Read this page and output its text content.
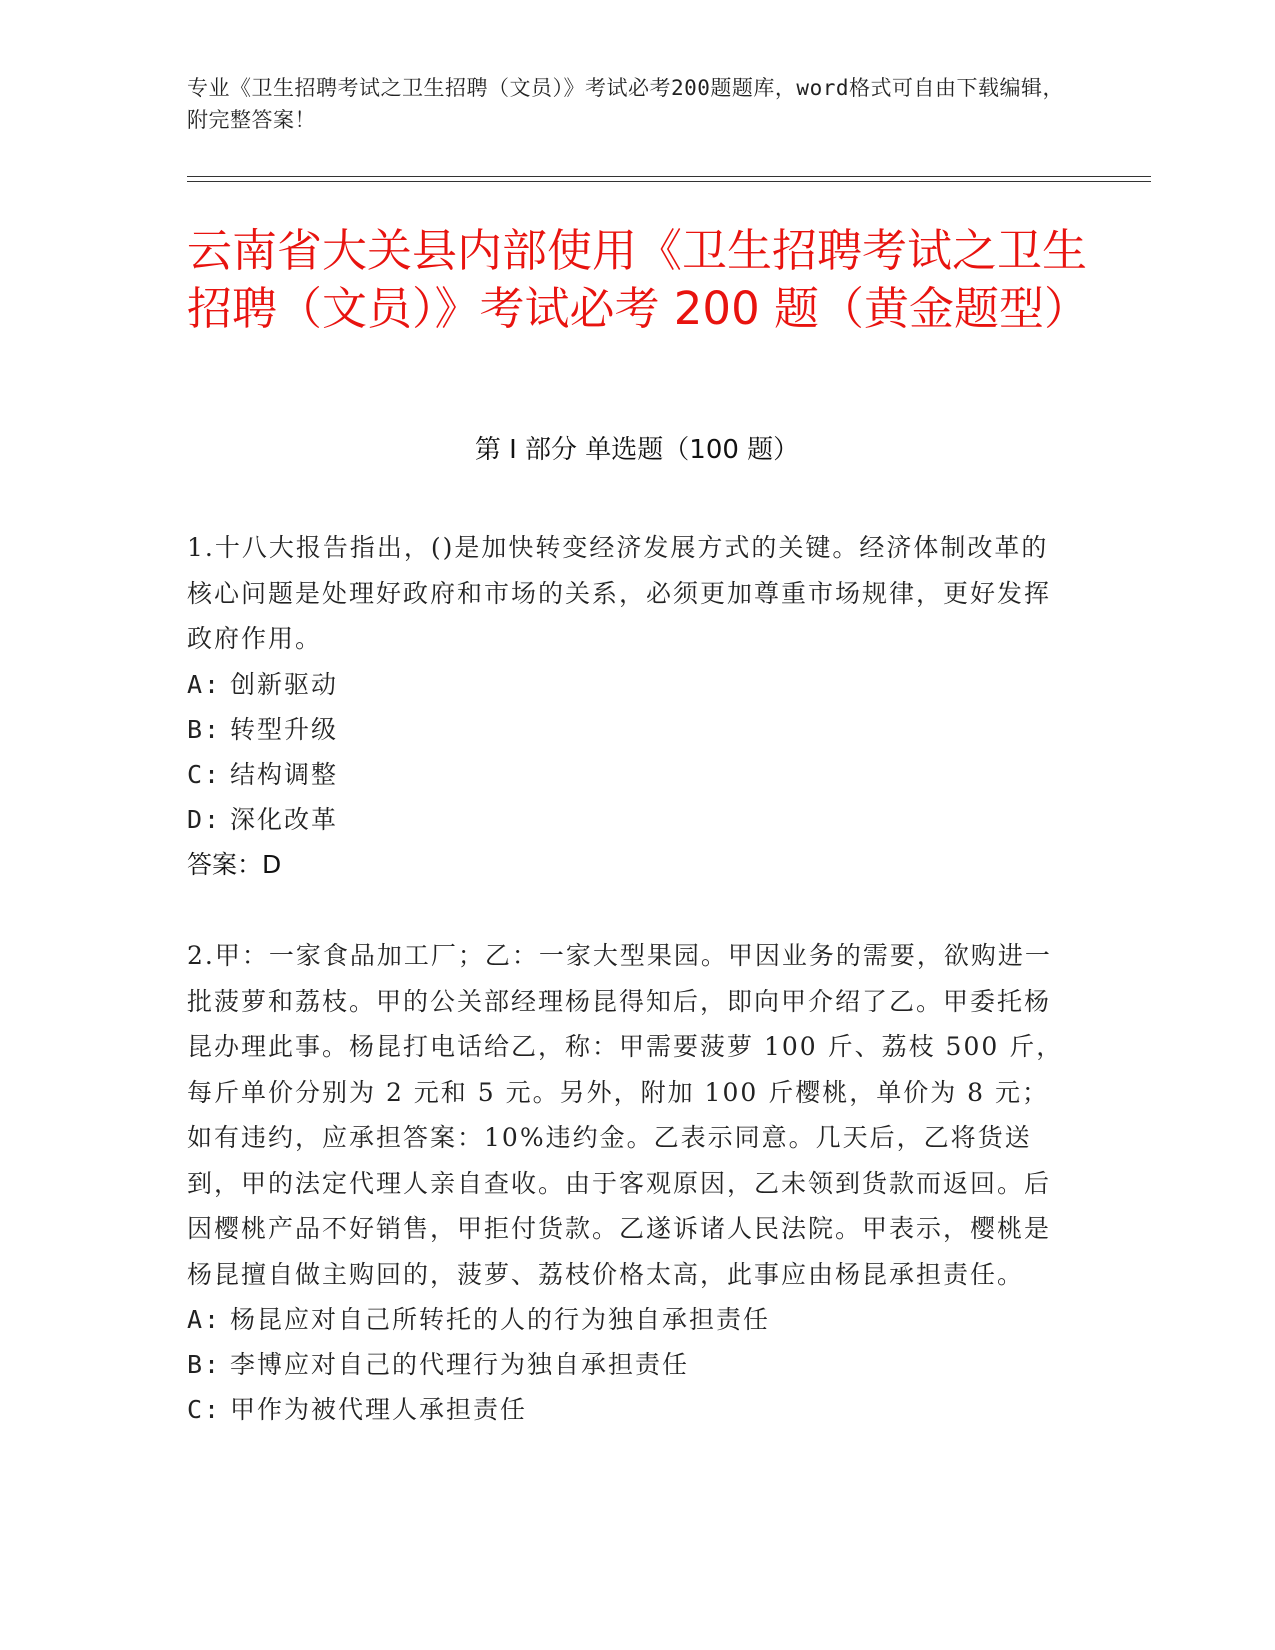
专业《卫生招聘考试之卫生招聘（文员）》考试必考200题题库，word格式可自由下载编辑，附完整答案！
云南省大关县内部使用《卫生招聘考试之卫生招聘（文员）》考试必考 200 题（黄金题型）
第 I 部分 单选题（100 题）
1.十八大报告指出，()是加快转变经济发展方式的关键。经济体制改革的核心问题是处理好政府和市场的关系，必须更加尊重市场规律，更好发挥政府作用。
A: 创新驱动
B: 转型升级
C: 结构调整
D: 深化改革
答案：D
2.甲：一家食品加工厂；乙：一家大型果园。甲因业务的需要，欲购进一批菠萝和荔枝。甲的公关部经理杨昆得知后，即向甲介绍了乙。甲委托杨昆办理此事。杨昆打电话给乙，称：甲需要菠萝 100 斤、荔枝 500 斤，每斤单价分别为 2 元和 5 元。另外，附加 100 斤樱桃，单价为 8 元；如有违约，应承担答案：10%违约金。乙表示同意。几天后，乙将货送到，甲的法定代理人亲自查收。由于客观原因，乙未领到货款而返回。后因樱桃产品不好销售，甲拒付货款。乙遂诉诸人民法院。甲表示，樱桃是杨昆擅自做主购回的，菠萝、荔枝价格太高，此事应由杨昆承担责任。
A: 杨昆应对自己所转托的人的行为独自承担责任
B: 李博应对自己的代理行为独自承担责任
C: 甲作为被代理人承担责任
